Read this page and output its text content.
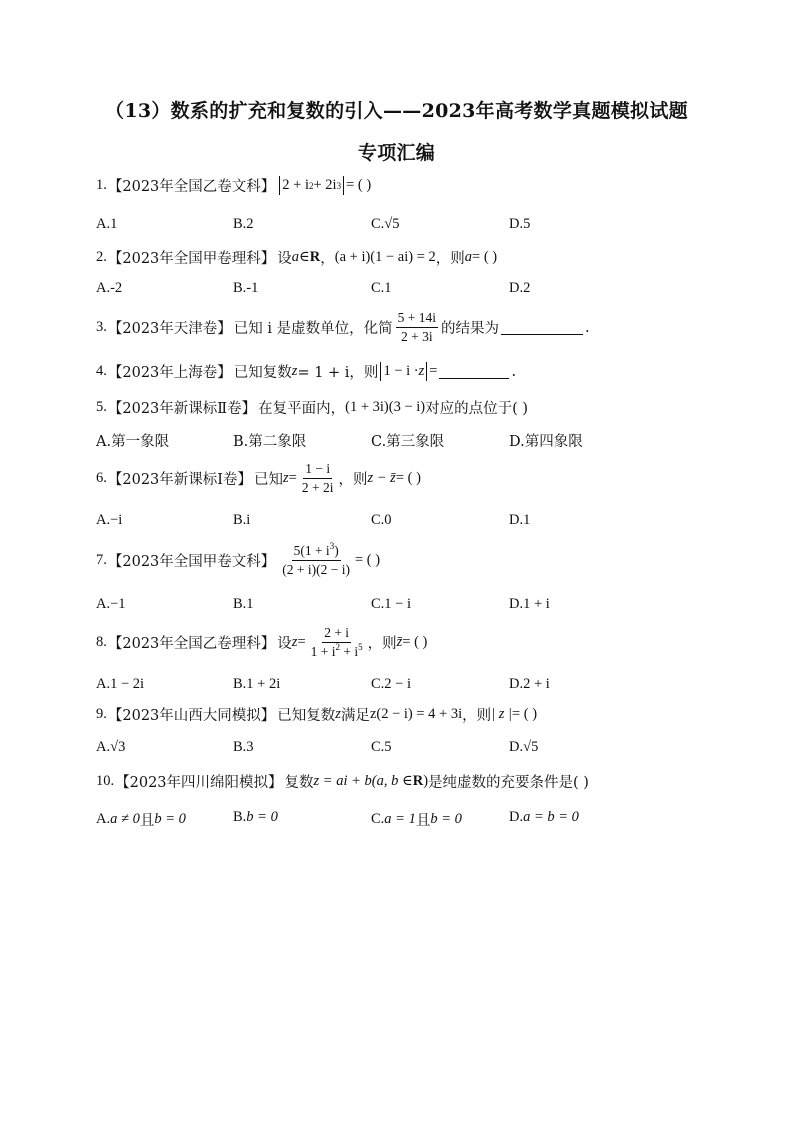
（13）数系的扩充和复数的引入——2023年高考数学真题模拟试题
专项汇编
1. 【2023年全国乙卷文科】 2 + i 2 + 2i 3 = ( )
A.1	B.2	C. √5	D.5
2. 【2023年全国甲卷理科】 设 a ∈ R ， (a + i)(1 − ai) = 2 ，则 a = ( )
A.-2	B.-1	C.1	D.2
3. 【2023年天津卷】 已知 i 是虚数单位，化简 $\frac{5 + 14i}{2 + 3i}$ 的结果为	.
4. 【2023年上海卷】 已知复数 z = 1 + i，则 1 − i · z =	.
5. 【2023年新课标Ⅱ卷】 在复平面内， (1 + 3i)(3 − i) 对应的点位于( )
A.第一象限	B.第二象限	C.第三象限	D.第四象限
6. 【2023年新课标Ⅰ卷】 已知 $z = \frac{1 - i}{2 + 2i}$ ，则 z − z̄ = ( )
A.−i	B.i	C.0	D.1
7. 【2023年全国甲卷文科】 $\frac{5(1 + i^3)}{(2 + i)(2 - i)}$ = ( )
A.−1	B.1	C.1 − i	D.1 + i
8. 【2023年全国乙卷理科】 设 $z = \frac{2 + i}{1 + i^2 + i^5}$ ，则 z̄ = ( )
A.1 − 2i	B.1 + 2i	C.2 − i	D.2 + i
9. 【2023年山西大同模拟】 已知复数 z 满足 z(2 − i) = 4 + 3i ，则 | z | = ( )
A. √3	B.3	C.5	D. √5
10. 【2023年四川绵阳模拟】 复数 z = ai + b (a, b ∈ R ) 是纯虚数的充要条件是( )
A. a ≠ 0 且 b = 0	B. b = 0	C. a = 1 且 b = 0	D. a = b = 0
